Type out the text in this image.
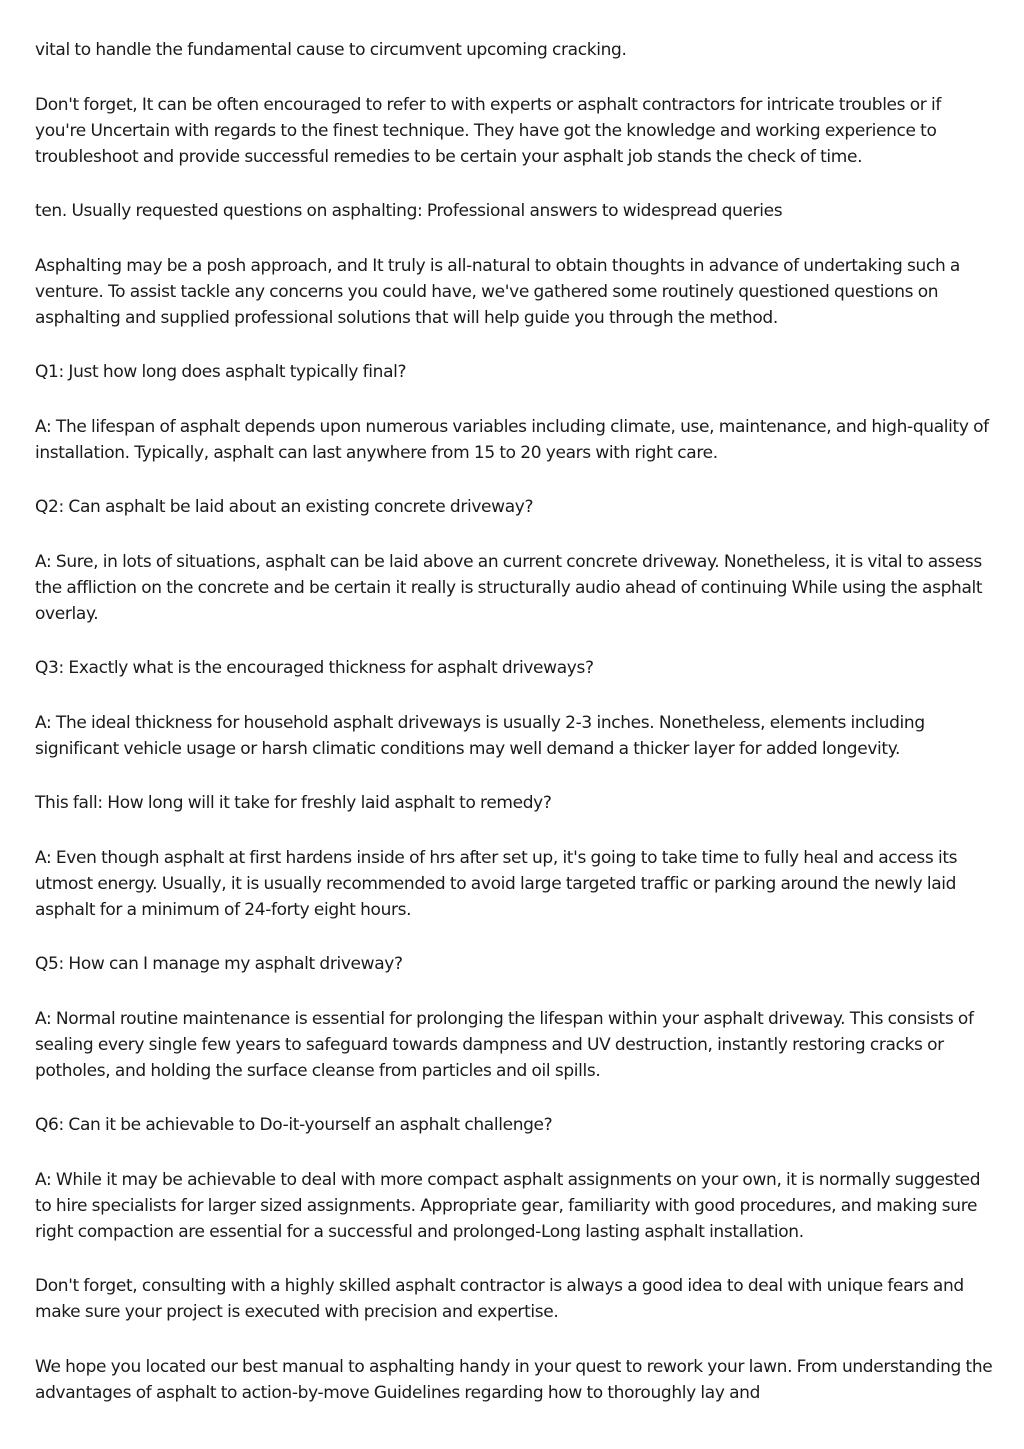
vital to handle the fundamental cause to circumvent upcoming cracking.

Don't forget, It can be often encouraged to refer to with experts or asphalt contractors for intricate troubles or if you're Uncertain with regards to the finest technique. They have got the knowledge and working experience to troubleshoot and provide successful remedies to be certain your asphalt job stands the check of time.

ten. Usually requested questions on asphalting: Professional answers to widespread queries

Asphalting may be a posh approach, and It truly is all-natural to obtain thoughts in advance of undertaking such a venture. To assist tackle any concerns you could have, we've gathered some routinely questioned questions on asphalting and supplied professional solutions that will help guide you through the method.

Q1: Just how long does asphalt typically final?

A: The lifespan of asphalt depends upon numerous variables including climate, use, maintenance, and high-quality of installation. Typically, asphalt can last anywhere from 15 to 20 years with right care.

Q2: Can asphalt be laid about an existing concrete driveway?

A: Sure, in lots of situations, asphalt can be laid above an current concrete driveway. Nonetheless, it is vital to assess the affliction on the concrete and be certain it really is structurally audio ahead of continuing While using the asphalt overlay.

Q3: Exactly what is the encouraged thickness for asphalt driveways?

A: The ideal thickness for household asphalt driveways is usually 2-3 inches. Nonetheless, elements including significant vehicle usage or harsh climatic conditions may well demand a thicker layer for added longevity.

This fall: How long will it take for freshly laid asphalt to remedy?

A: Even though asphalt at first hardens inside of hrs after set up, it's going to take time to fully heal and access its utmost energy. Usually, it is usually recommended to avoid large targeted traffic or parking around the newly laid asphalt for a minimum of 24-forty eight hours.

Q5: How can I manage my asphalt driveway?

A: Normal routine maintenance is essential for prolonging the lifespan within your asphalt driveway. This consists of sealing every single few years to safeguard towards dampness and UV destruction, instantly restoring cracks or potholes, and holding the surface cleanse from particles and oil spills.

Q6: Can it be achievable to Do-it-yourself an asphalt challenge?

A: While it may be achievable to deal with more compact asphalt assignments on your own, it is normally suggested to hire specialists for larger sized assignments. Appropriate gear, familiarity with good procedures, and making sure right compaction are essential for a successful and prolonged-Long lasting asphalt installation.

Don't forget, consulting with a highly skilled asphalt contractor is always a good idea to deal with unique fears and make sure your project is executed with precision and expertise.

We hope you located our best manual to asphalting handy in your quest to rework your lawn. From understanding the advantages of asphalt to action-by-move Guidelines regarding how to thoroughly lay and
